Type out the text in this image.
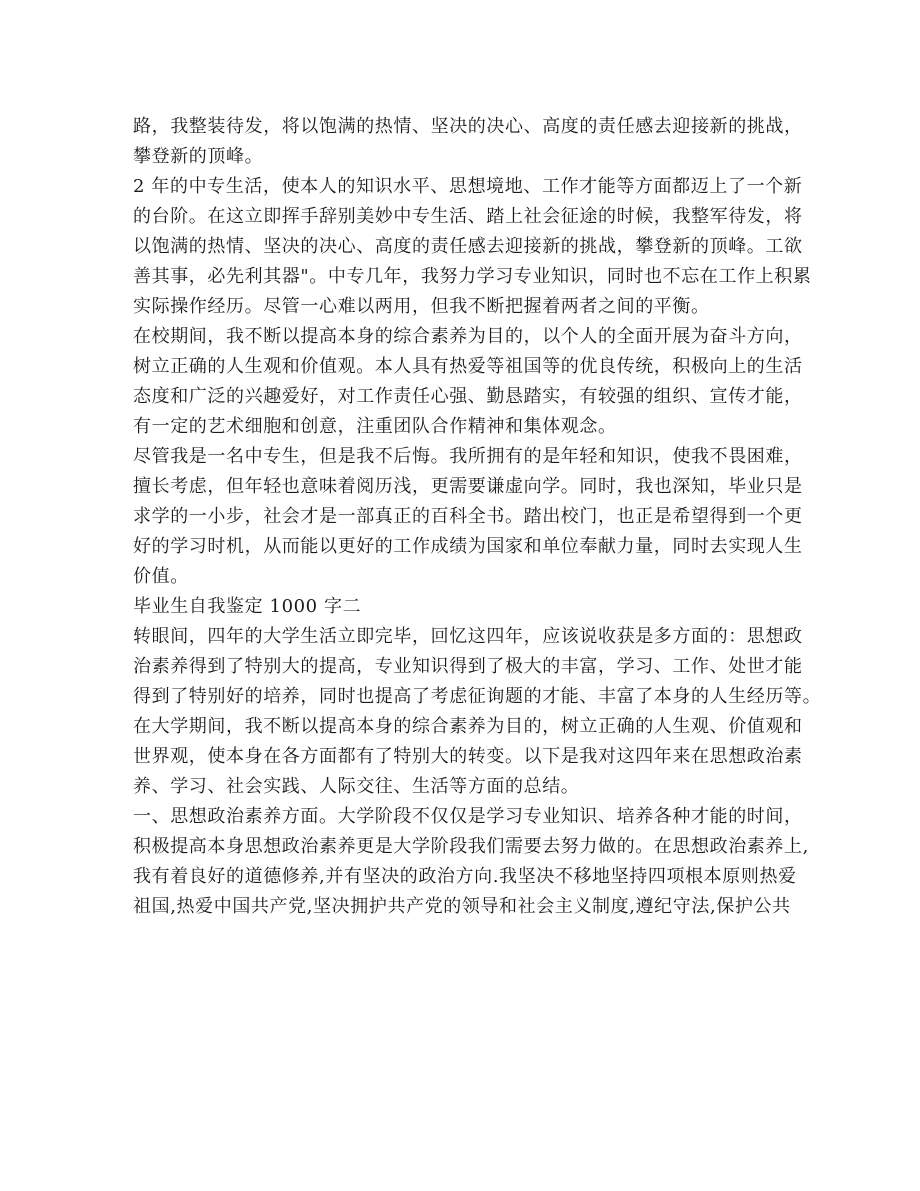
路，我整装待发，将以饱满的热情、坚决的决心、高度的责任感去迎接新的挑战，
攀登新的顶峰。
2 年的中专生活，使本人的知识水平、思想境地、工作才能等方面都迈上了一个新
的台阶。在这立即挥手辞别美妙中专生活、踏上社会征途的时候，我整军待发，将
以饱满的热情、坚决的决心、高度的责任感去迎接新的挑战，攀登新的顶峰。工欲
善其事，必先利其器"。中专几年，我努力学习专业知识，同时也不忘在工作上积累
实际操作经历。尽管一心难以两用，但我不断把握着两者之间的平衡。
在校期间，我不断以提高本身的综合素养为目的，以个人的全面开展为奋斗方向，
树立正确的人生观和价值观。本人具有热爱等祖国等的优良传统，积极向上的生活
态度和广泛的兴趣爱好，对工作责任心强、勤恳踏实，有较强的组织、宣传才能，
有一定的艺术细胞和创意，注重团队合作精神和集体观念。
尽管我是一名中专生，但是我不后悔。我所拥有的是年轻和知识，使我不畏困难，
擅长考虑，但年轻也意味着阅历浅，更需要谦虚向学。同时，我也深知，毕业只是
求学的一小步，社会才是一部真正的百科全书。踏出校门，也正是希望得到一个更
好的学习时机，从而能以更好的工作成绩为国家和单位奉献力量，同时去实现人生
价值。
毕业生自我鉴定 1000 字二
转眼间，四年的大学生活立即完毕，回忆这四年，应该说收获是多方面的：思想政
治素养得到了特别大的提高，专业知识得到了极大的丰富，学习、工作、处世才能
得到了特别好的培养，同时也提高了考虑征询题的才能、丰富了本身的人生经历等。
在大学期间，我不断以提高本身的综合素养为目的，树立正确的人生观、价值观和
世界观，使本身在各方面都有了特别大的转变。以下是我对这四年来在思想政治素
养、学习、社会实践、人际交往、生活等方面的总结。
一、思想政治素养方面。大学阶段不仅仅是学习专业知识、培养各种才能的时间，
积极提高本身思想政治素养更是大学阶段我们需要去努力做的。在思想政治素养上,
我有着良好的道德修养,并有坚决的政治方向.我坚决不移地坚持四项根本原则热爱
祖国,热爱中国共产党,坚决拥护共产党的领导和社会主义制度,遵纪守法,保护公共
